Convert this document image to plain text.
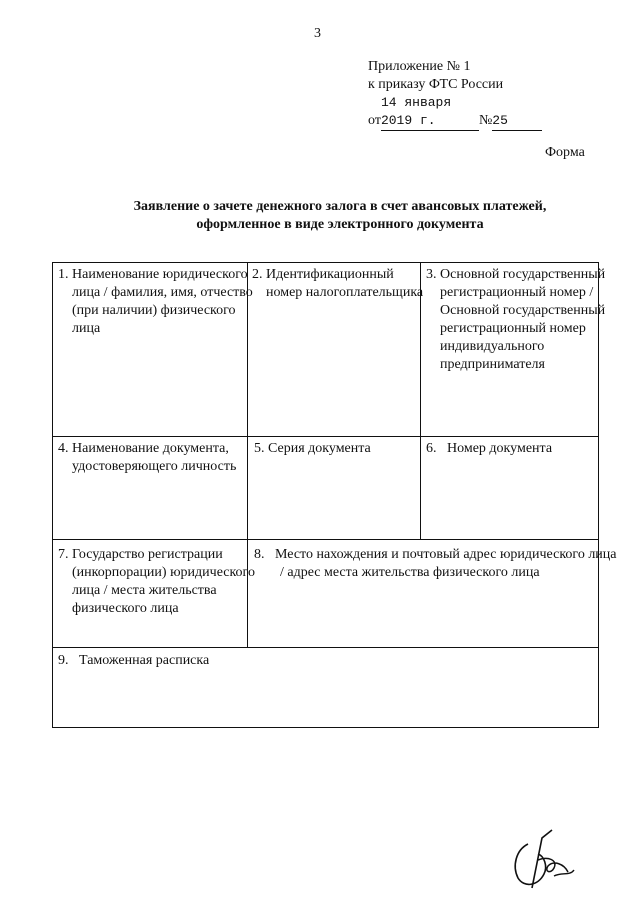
3
Приложение № 1
к приказу ФТС России
от14 января 2019 г.	№25
Форма
Заявление о зачете денежного залога в счет авансовых платежей,
оформленное в виде электронного документа
1. Наименование юридического лица / фамилия, имя, отчество (при наличии) физического лица
2. Идентификационный номер налогоплательщика
3. Основной государственный регистрационный номер / Основной государственный регистрационный номер индивидуального предпринимателя
4. Наименование документа, удостоверяющего личность
5. Серия документа	6.   Номер документа
7. Государство регистрации (инкорпорации) юридического лица / места жительства физического лица
8.   Место нахождения и почтовый адрес юридического лица / адрес места жительства физического лица
9.   Таможенная расписка
